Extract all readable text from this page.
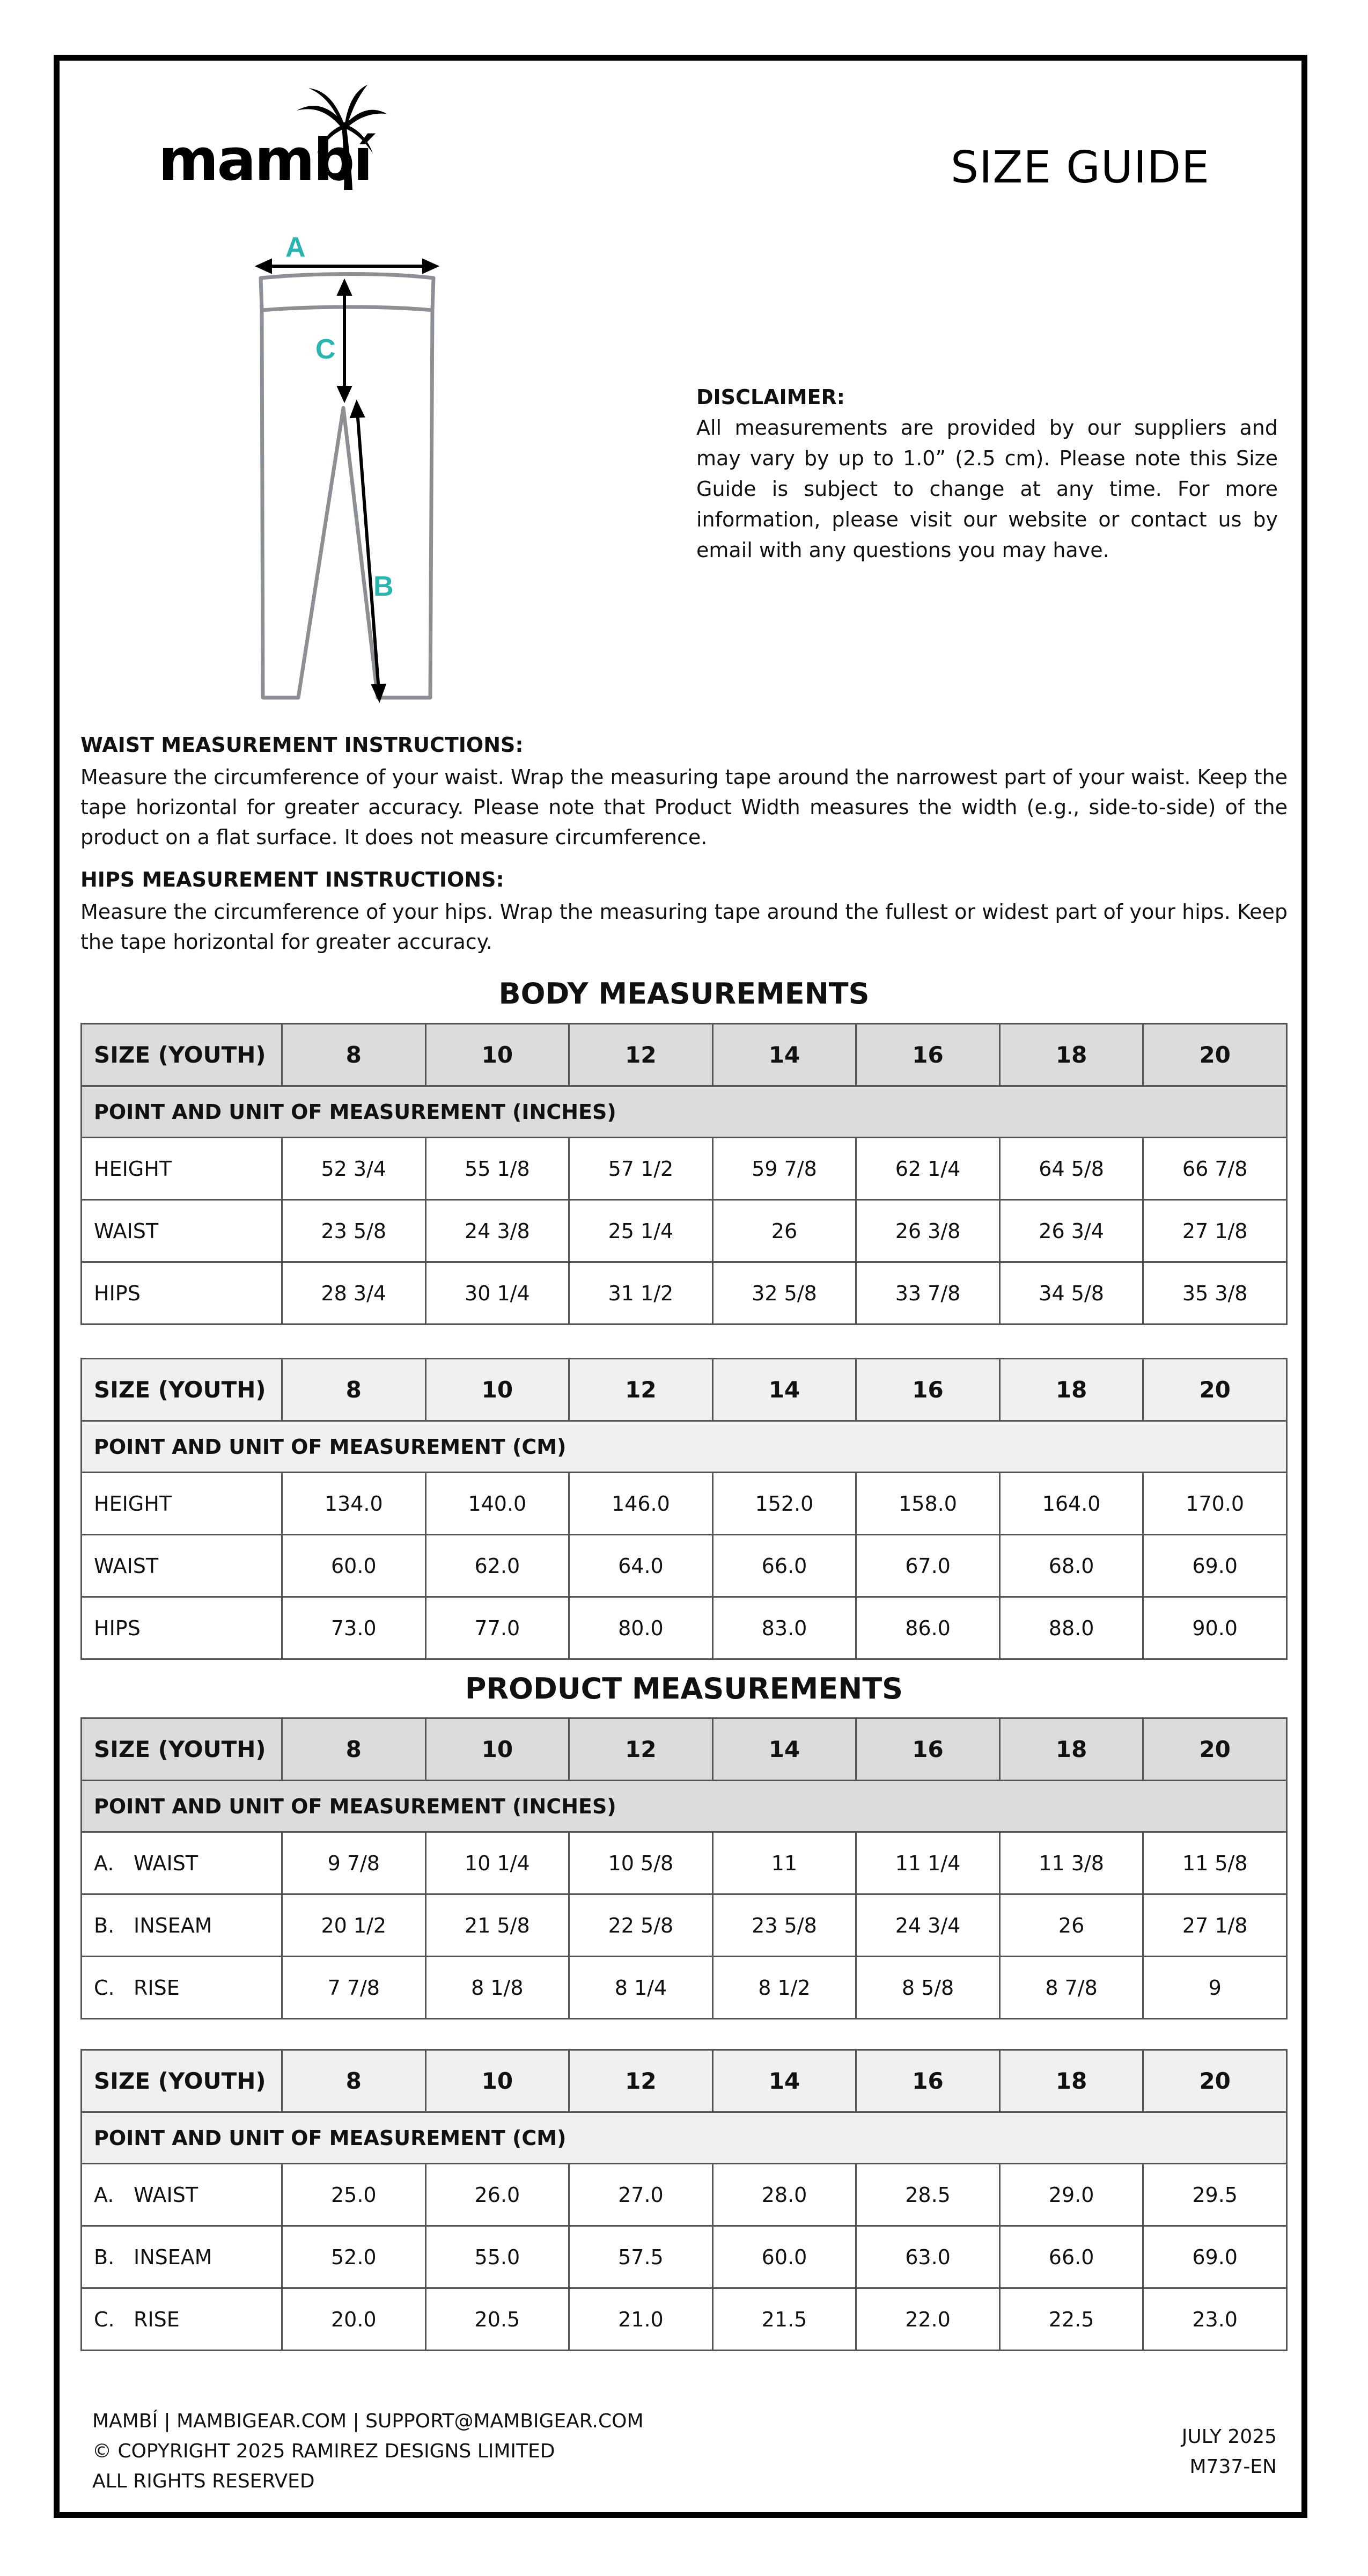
mambí	SIZE GUIDE
A
C
B
DISCLAIMER:
All measurements are provided by our suppliers and may vary by up to 1.0” (2.5 cm). Please note this Size Guide is subject to change at any time. For more information, please visit our website or contact us by email with any questions you may have.
WAIST MEASUREMENT INSTRUCTIONS:
Measure the circumference of your waist. Wrap the measuring tape around the narrowest part of your waist. Keep the tape horizontal for greater accuracy. Please note that Product Width measures the width (e.g., side-to-side) of the product on a flat surface. It does not measure circumference.
HIPS MEASUREMENT INSTRUCTIONS:
Measure the circumference of your hips. Wrap the measuring tape around the fullest or widest part of your hips. Keep the tape horizontal for greater accuracy.
BODY MEASUREMENTS
SIZE (YOUTH)	8	10	12	14	16	18	20
POINT AND UNIT OF MEASUREMENT (INCHES)							
HEIGHT	52 3/4	55 1/8	57 1/2	59 7/8	62 1/4	64 5/8	66 7/8
WAIST	23 5/8	24 3/8	25 1/4	26	26 3/8	26 3/4	27 1/8
HIPS	28 3/4	30 1/4	31 1/2	32 5/8	33 7/8	34 5/8	35 3/8
SIZE (YOUTH)	8	10	12	14	16	18	20
POINT AND UNIT OF MEASUREMENT (CM)							
HEIGHT	134.0	140.0	146.0	152.0	158.0	164.0	170.0
WAIST	60.0	62.0	64.0	66.0	67.0	68.0	69.0
HIPS	73.0	77.0	80.0	83.0	86.0	88.0	90.0
PRODUCT MEASUREMENTS
SIZE (YOUTH)	8	10	12	14	16	18	20
POINT AND UNIT OF MEASUREMENT (INCHES)							
A. WAIST	9 7/8	10 1/4	10 5/8	11	11 1/4	11 3/8	11 5/8
B. INSEAM	20 1/2	21 5/8	22 5/8	23 5/8	24 3/4	26	27 1/8
C. RISE	7 7/8	8 1/8	8 1/4	8 1/2	8 5/8	8 7/8	9
SIZE (YOUTH)	8	10	12	14	16	18	20
POINT AND UNIT OF MEASUREMENT (CM)							
A. WAIST	25.0	26.0	27.0	28.0	28.5	29.0	29.5
B. INSEAM	52.0	55.0	57.5	60.0	63.0	66.0	69.0
C. RISE	20.0	20.5	21.0	21.5	22.0	22.5	23.0
MAMBÍ | MAMBIGEAR.COM | SUPPORT@MAMBIGEAR.COM
© COPYRIGHT 2025 RAMIREZ DESIGNS LIMITED
ALL RIGHTS RESERVED
JULY 2025
M737-EN
